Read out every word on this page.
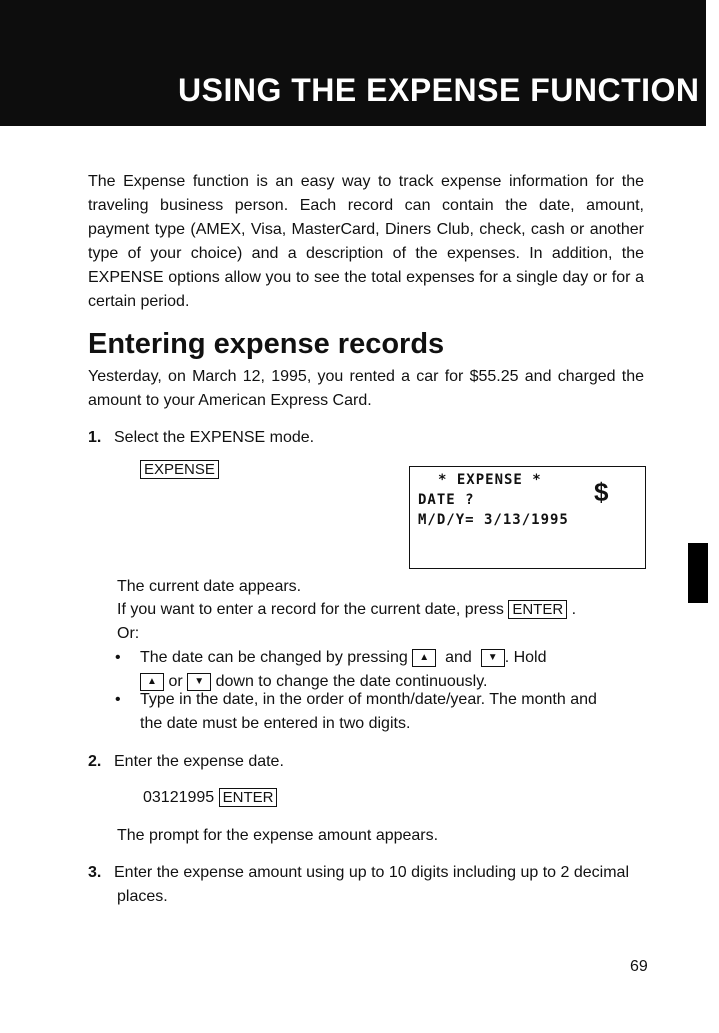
USING THE EXPENSE FUNCTION

The Expense function is an easy way to track expense information for the traveling business person. Each record can contain the date, amount, payment type (AMEX, Visa, MasterCard, Diners Club, check, cash or another type of your choice) and a description of the expenses. In addition, the EXPENSE options allow you to see the total expenses for a single day or for a certain period.

Entering expense records

Yesterday, on March 12, 1995, you rented a car for $55.25 and charged the amount to your American Express Card.

1. Select the EXPENSE mode.
EXPENSE
* EXPENSE *
DATE ?
M/D/Y= 3/13/1995
$
The current date appears.
If you want to enter a record for the current date, press ENTER .
Or:
• The date can be changed by pressing ▲ and ▼ . Hold
▲ or ▼ down to change the date continuously.
• Type in the date, in the order of month/date/year. The month and
the date must be entered in two digits.
2. Enter the expense date.
03121995 ENTER
The prompt for the expense amount appears.
3. Enter the expense amount using up to 10 digits including up to 2 decimal
places.
69
